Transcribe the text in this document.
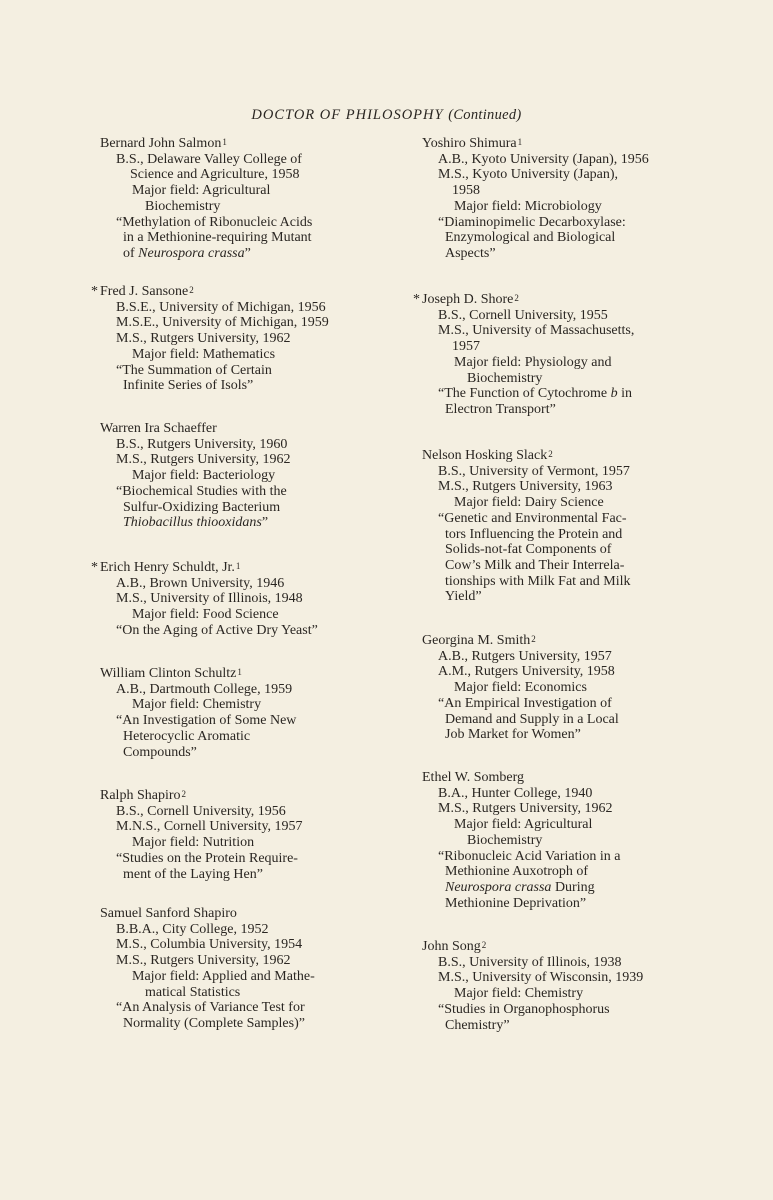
DOCTOR OF PHILOSOPHY (Continued)
Bernard John Salmon$^1$
B.S., Delaware Valley College of
Science and Agriculture, 1958
Major field: Agricultural
Biochemistry
“Methylation of Ribonucleic Acids
in a Methionine-requiring Mutant
of Neurospora crassa”
* Fred J. Sansone$^2$
B.S.E., University of Michigan, 1956
M.S.E., University of Michigan, 1959
M.S., Rutgers University, 1962
Major field: Mathematics
“The Summation of Certain
Infinite Series of Isols”
Warren Ira Schaeffer
B.S., Rutgers University, 1960
M.S., Rutgers University, 1962
Major field: Bacteriology
“Biochemical Studies with the
Sulfur-Oxidizing Bacterium
Thiobacillus thiooxidans”
* Erich Henry Schuldt, Jr.$^1$
A.B., Brown University, 1946
M.S., University of Illinois, 1948
Major field: Food Science
“On the Aging of Active Dry Yeast”
William Clinton Schultz$^1$
A.B., Dartmouth College, 1959
Major field: Chemistry
“An Investigation of Some New
Heterocyclic Aromatic
Compounds”
Ralph Shapiro$^2$
B.S., Cornell University, 1956
M.N.S., Cornell University, 1957
Major field: Nutrition
“Studies on the Protein Require-
ment of the Laying Hen”
Samuel Sanford Shapiro
B.B.A., City College, 1952
M.S., Columbia University, 1954
M.S., Rutgers University, 1962
Major field: Applied and Mathe-
matical Statistics
“An Analysis of Variance Test for
Normality (Complete Samples)”
Yoshiro Shimura$^1$
A.B., Kyoto University (Japan), 1956
M.S., Kyoto University (Japan),
1958
Major field: Microbiology
“Diaminopimelic Decarboxylase:
Enzymological and Biological
Aspects”
* Joseph D. Shore$^2$
B.S., Cornell University, 1955
M.S., University of Massachusetts,
1957
Major field: Physiology and
Biochemistry
“The Function of Cytochrome b in
Electron Transport”
Nelson Hosking Slack$^2$
B.S., University of Vermont, 1957
M.S., Rutgers University, 1963
Major field: Dairy Science
“Genetic and Environmental Fac-
tors Influencing the Protein and
Solids-not-fat Components of
Cow’s Milk and Their Interrela-
tionships with Milk Fat and Milk
Yield”
Georgina M. Smith$^2$
A.B., Rutgers University, 1957
A.M., Rutgers University, 1958
Major field: Economics
“An Empirical Investigation of
Demand and Supply in a Local
Job Market for Women”
Ethel W. Somberg
B.A., Hunter College, 1940
M.S., Rutgers University, 1962
Major field: Agricultural
Biochemistry
“Ribonucleic Acid Variation in a
Methionine Auxotroph of
Neurospora crassa During
Methionine Deprivation”
John Song$^2$
B.S., University of Illinois, 1938
M.S., University of Wisconsin, 1939
Major field: Chemistry
“Studies in Organophosphorus
Chemistry”
